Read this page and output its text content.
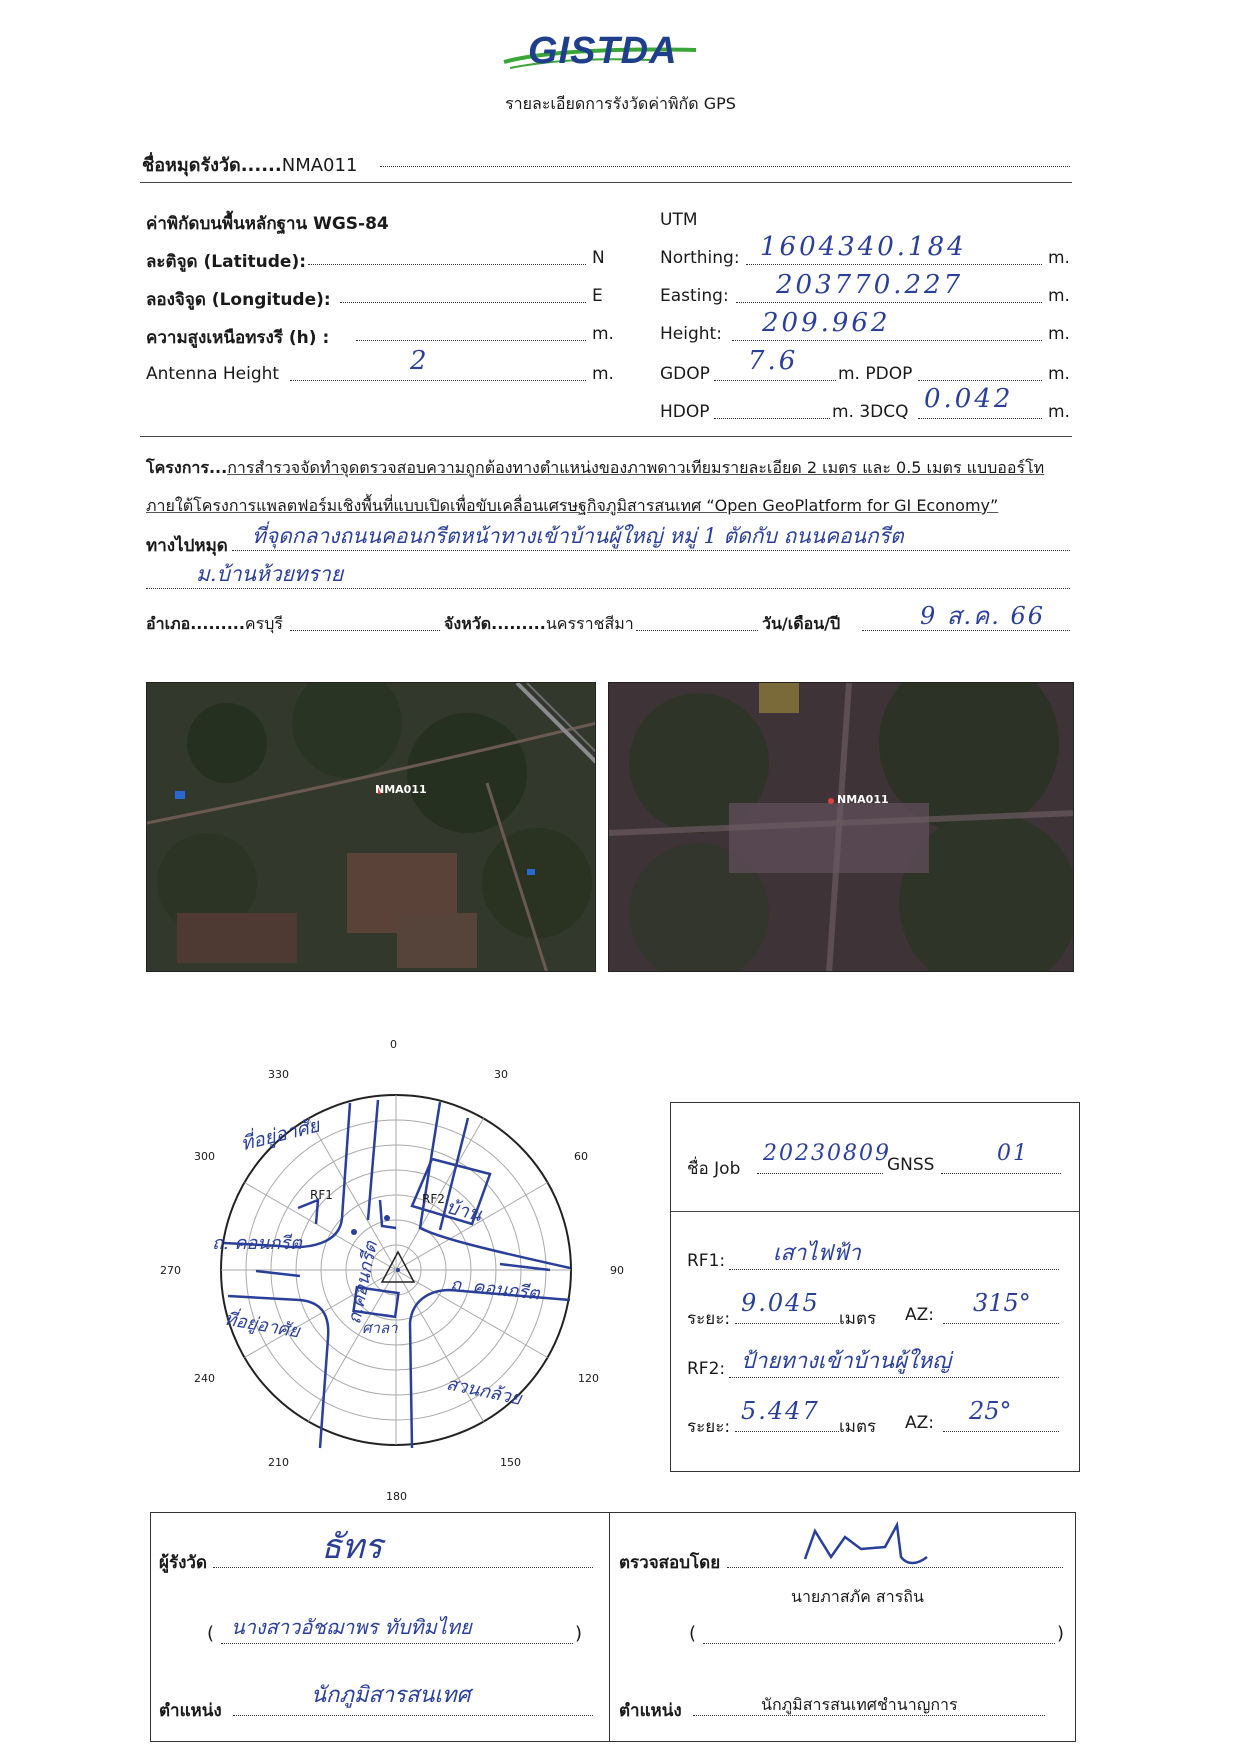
GISTDA
รายละเอียดการรังวัดค่าพิกัด GPS
ชื่อหมุดรังวัด......NMA011
ค่าพิกัดบนพื้นหลักฐาน WGS-84	UTM
ละติจูด (Latitude):	N	Northing: 1604340.184	m.
ลองจิจูด (Longitude):	E	Easting: 203770.227	m.
ความสูงเหนือทรงรี (h) :	m.	Height: 209.962	m.
Antenna Height	2	m.	GDOP 7.6 m. PDOP	m.
HDOP	m. 3DCQ 0.042 m.
โครงการ...การสำรวจจัดทำจุดตรวจสอบความถูกต้องทางตำแหน่งของภาพดาวเทียมรายละเอียด 2 เมตร และ 0.5 เมตร แบบออร์โท
ภายใต้โครงการแพลตฟอร์มเชิงพื้นที่แบบเปิดเพื่อขับเคลื่อนเศรษฐกิจภูมิสารสนเทศ “Open GeoPlatform for GI Economy”
ทางไปหมุด ที่จุดกลางถนนคอนกรีตหน้าทางเข้าบ้านผู้ใหญ่ หมู่ 1 ตัดกับ ถนนคอนกรีต
ม.บ้านห้วยทราย
อำเภอ.........ครบุรี	จังหวัด.........นครราชสีมา	วัน/เดือน/ปี	9 ส.ค. 66
NMA011
NMA011
0
30
60
90
120
150
180
210
240
270
300
330
ที่อยู่อาศัย
RF1	RF2
บ้าน
ถ. คอนกรีต ถ.คอนกรีต	ถ. คอนกรีต
ที่อยู่อาศัย	ศาลา
สวนกล้วย
ชื่อ Job
20230809
GNSS	01
RF1: เสาไฟฟ้า
ระยะ:
9.045
เมตร AZ: 315°
RF2: ป้ายทางเข้าบ้านผู้ใหญ่
ระยะ:
5.447
เมตร AZ: 25°
ผู้รังวัด	ธัทร
( นางสาวอัชฌาพร ทับทิมไทย	)
ตำแหน่ง
นักภูมิสารสนเทศ
ตรวจสอบโดย
นายภาสภัค สารถิน
(	)
ตำแหน่ง	นักภูมิสารสนเทศชำนาญการ
